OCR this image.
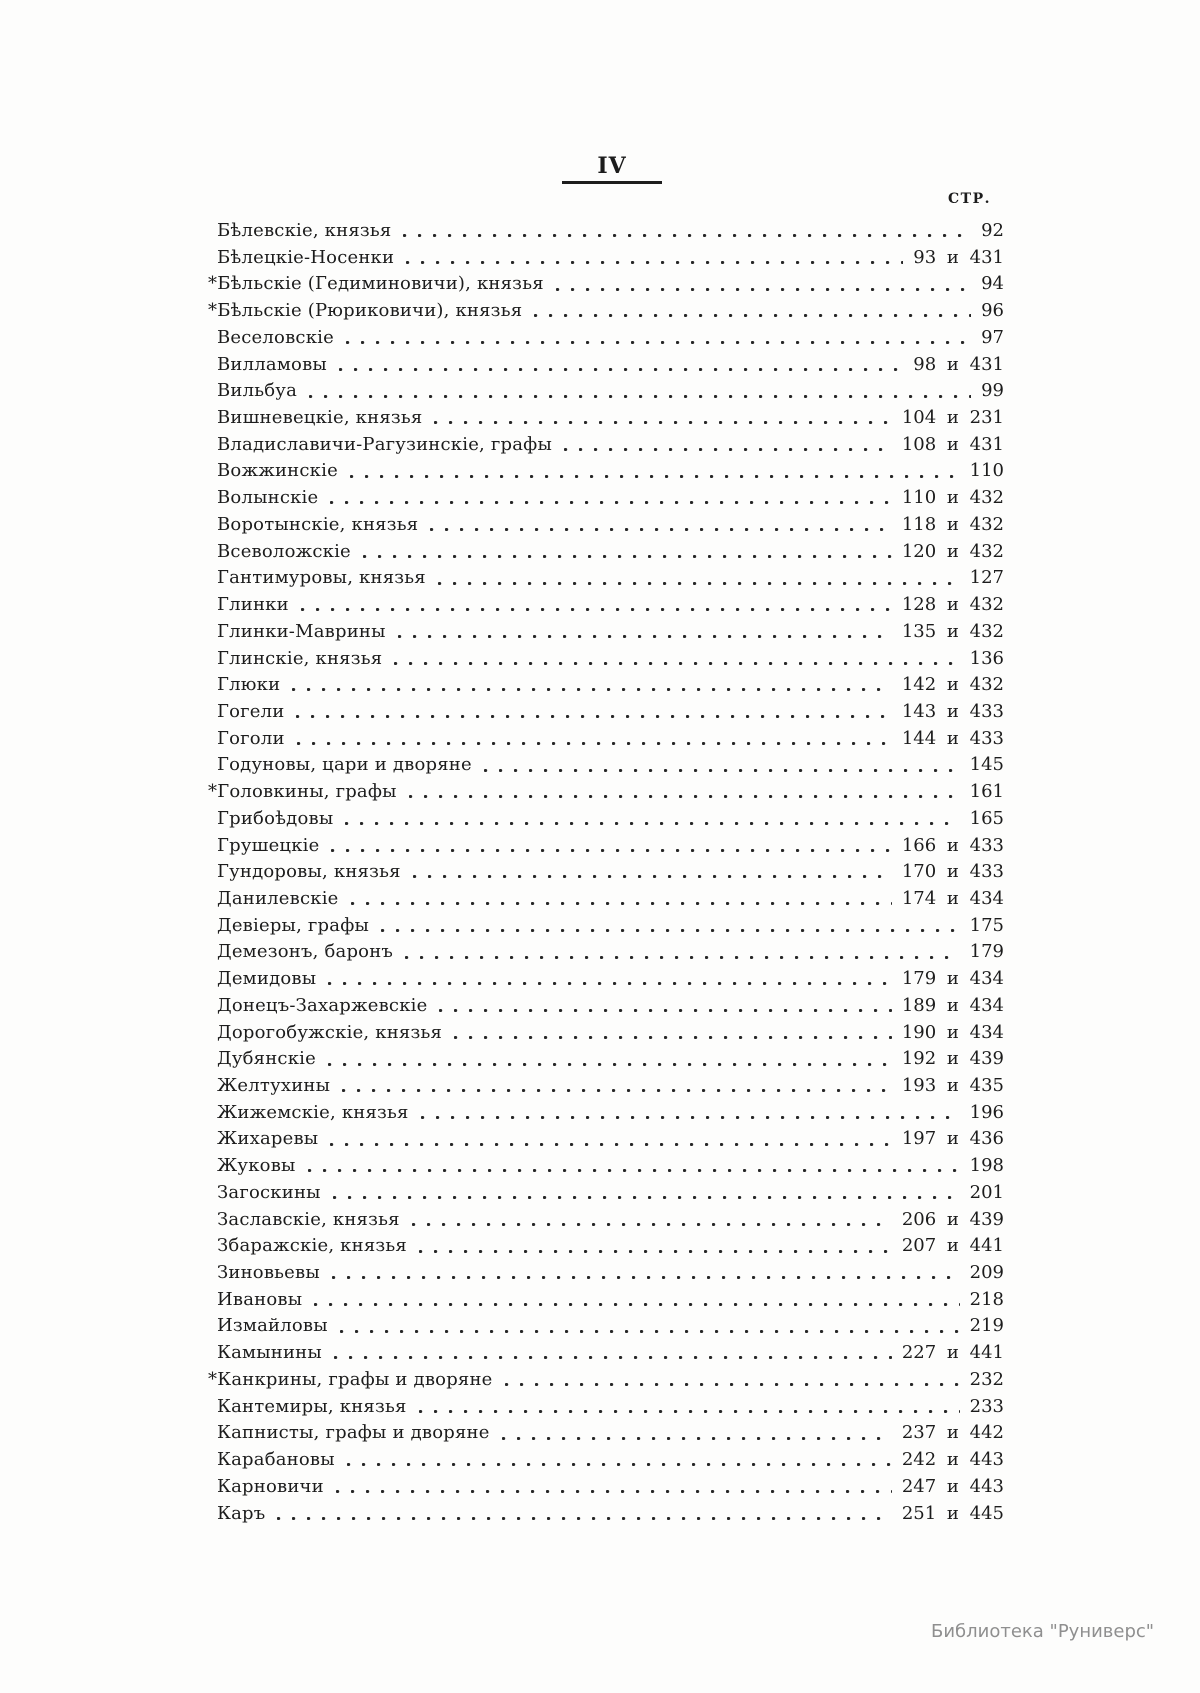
IV
СТР.
Бѣлевскіе, князья	92
Бѣлецкіе-Носенки	93 и 431
*Бѣльскіе (Гедиминовичи), князья	94
*Бѣльскіе (Рюриковичи), князья	96
Веселовскіе	97
Вилламовы	98 и 431
Вильбуа	99
Вишневецкіе, князья	104 и 231
Владиславичи-Рагузинскіе, графы	108 и 431
Вожжинскіе	110
Волынскіе	110 и 432
Воротынскіе, князья	118 и 432
Всеволожскіе	120 и 432
Гантимуровы, князья	127
Глинки	128 и 432
Глинки-Маврины	135 и 432
Глинскіе, князья	136
Глюки	142 и 432
Гогели	143 и 433
Гоголи	144 и 433
Годуновы, цари и дворяне	145
*Головкины, графы	161
Грибоѣдовы	165
Грушецкіе	166 и 433
Гундоровы, князья	170 и 433
Данилевскіе	174 и 434
Девіеры, графы	175
Демезонъ, баронъ	179
Демидовы	179 и 434
Донецъ-Захаржевскіе	189 и 434
Дорогобужскіе, князья	190 и 434
Дубянскіе	192 и 439
Желтухины	193 и 435
Жижемскіе, князья	196
Жихаревы	197 и 436
Жуковы	198
Загоскины	201
Заславскіе, князья	206 и 439
Збаражскіе, князья	207 и 441
Зиновьевы	209
Ивановы	218
Измайловы	219
Камынины	227 и 441
*Канкрины, графы и дворяне	232
Кантемиры, князья	233
Капнисты, графы и дворяне	237 и 442
Карабановы	242 и 443
Карновичи	247 и 443
Каръ	251 и 445
Библиотека "Руниверс"
